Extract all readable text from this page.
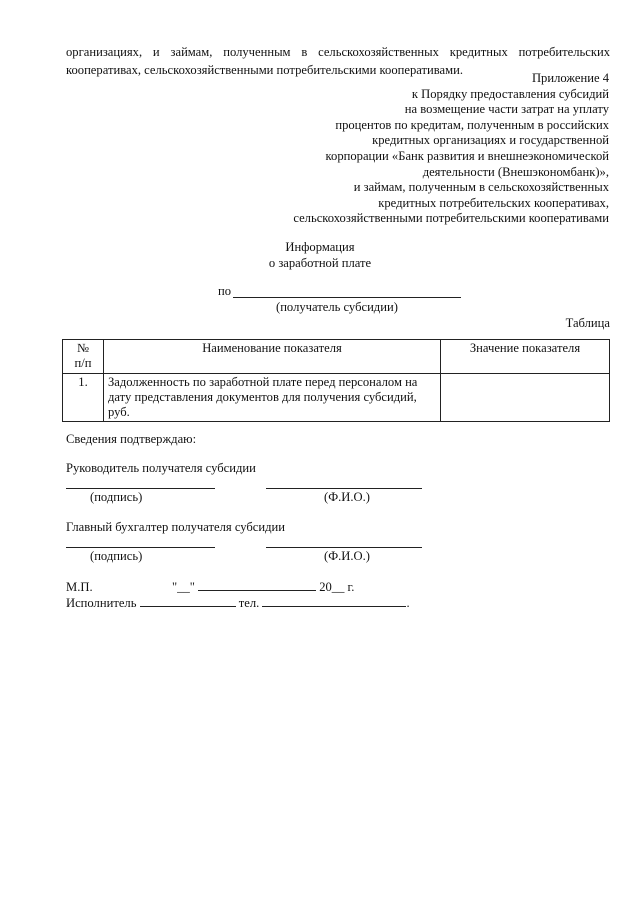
организациях, и займам, полученным в сельскохозяйственных кредитных потребительских
кооперативах, сельскохозяйственными потребительскими кооперативами.
Приложение 4
к Порядку предоставления субсидий
на возмещение части затрат на уплату
процентов по кредитам, полученным в российских
кредитных организациях и государственной
корпорации «Банк развития и внешнеэкономической
деятельности (Внешэкономбанк)»,
и займам, полученным в сельскохозяйственных
кредитных потребительских кооперативах,
сельскохозяйственными потребительскими кооперативами
Информация
о заработной плате
по
(получатель субсидии)
Таблица
№
п/п	Наименование показателя	Значение показателя
1.	Задолженность по заработной плате перед персоналом на дату представления документов для получения субсидий, руб.	
Сведения подтверждаю:
Руководитель получателя субсидии
(подпись)	(Ф.И.О.)
Главный бухгалтер получателя субсидии
(подпись)	(Ф.И.О.)
М.П.	"__"	20__ г.
Исполнитель	тел.	.
